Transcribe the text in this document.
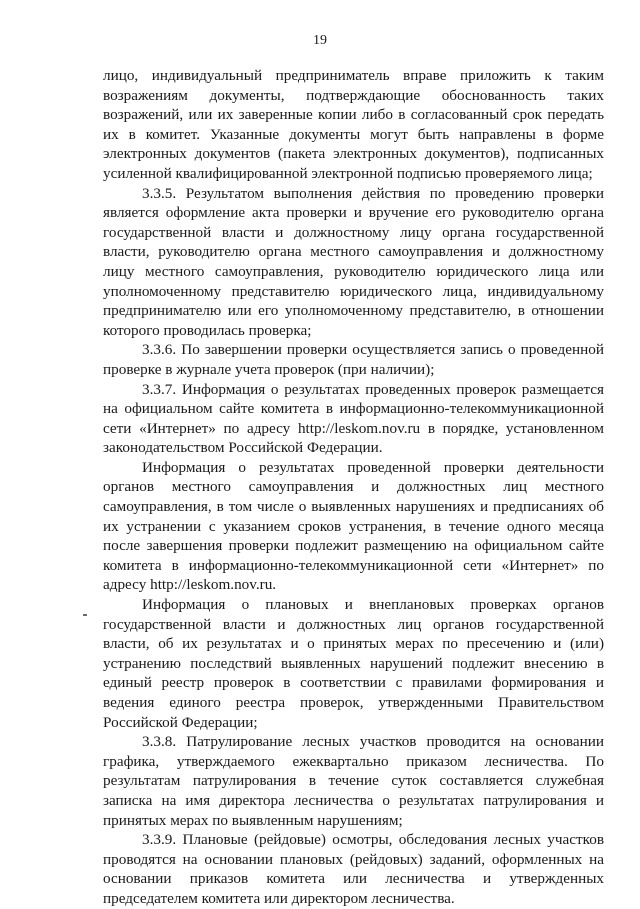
19

лицо, индивидуальный предприниматель вправе приложить к таким возражениям документы, подтверждающие обоснованность таких возражений, или их заверенные копии либо в согласованный срок передать их в комитет. Указанные документы могут быть направлены в форме электронных документов (пакета электронных документов), подписанных усиленной квалифицированной электронной подписью проверяемого лица;

3.3.5. Результатом выполнения действия по проведению проверки является оформление акта проверки и вручение его руководителю органа государственной власти и должностному лицу органа государственной власти, руководителю органа местного самоуправления и должностному лицу местного самоуправления, руководителю юридического лица или уполномоченному представителю юридического лица, индивидуальному предпринимателю или его уполномоченному представителю, в отношении которого проводилась проверка;

3.3.6. По завершении проверки осуществляется запись о проведенной проверке в журнале учета проверок (при наличии);

3.3.7. Информация о результатах проведенных проверок размещается на официальном сайте комитета в информационно-телекоммуникационной сети «Интернет» по адресу http://leskom.nov.ru в порядке, установленном законодательством Российской Федерации.

Информация о результатах проведенной проверки деятельности органов местного самоуправления и должностных лиц местного самоуправления, в том числе о выявленных нарушениях и предписаниях об их устранении с указанием сроков устранения, в течение одного месяца после завершения проверки подлежит размещению на официальном сайте комитета в информационно-телекоммуникационной сети «Интернет» по адресу http://leskom.nov.ru.

Информация о плановых и внеплановых проверках органов государственной власти и должностных лиц органов государственной власти, об их результатах и о принятых мерах по пресечению и (или) устранению последствий выявленных нарушений подлежит внесению в единый реестр проверок в соответствии с правилами формирования и ведения единого реестра проверок, утвержденными Правительством Российской Федерации;

3.3.8. Патрулирование лесных участков проводится на основании графика, утверждаемого ежеквартально приказом лесничества. По результатам патрулирования в течение суток составляется служебная записка на имя директора лесничества о результатах патрулирования и принятых мерах по выявленным нарушениям;

3.3.9. Плановые (рейдовые) осмотры, обследования лесных участков проводятся на основании плановых (рейдовых) заданий, оформленных на основании приказов комитета или лесничества и утвержденных председателем комитета или директором лесничества.
